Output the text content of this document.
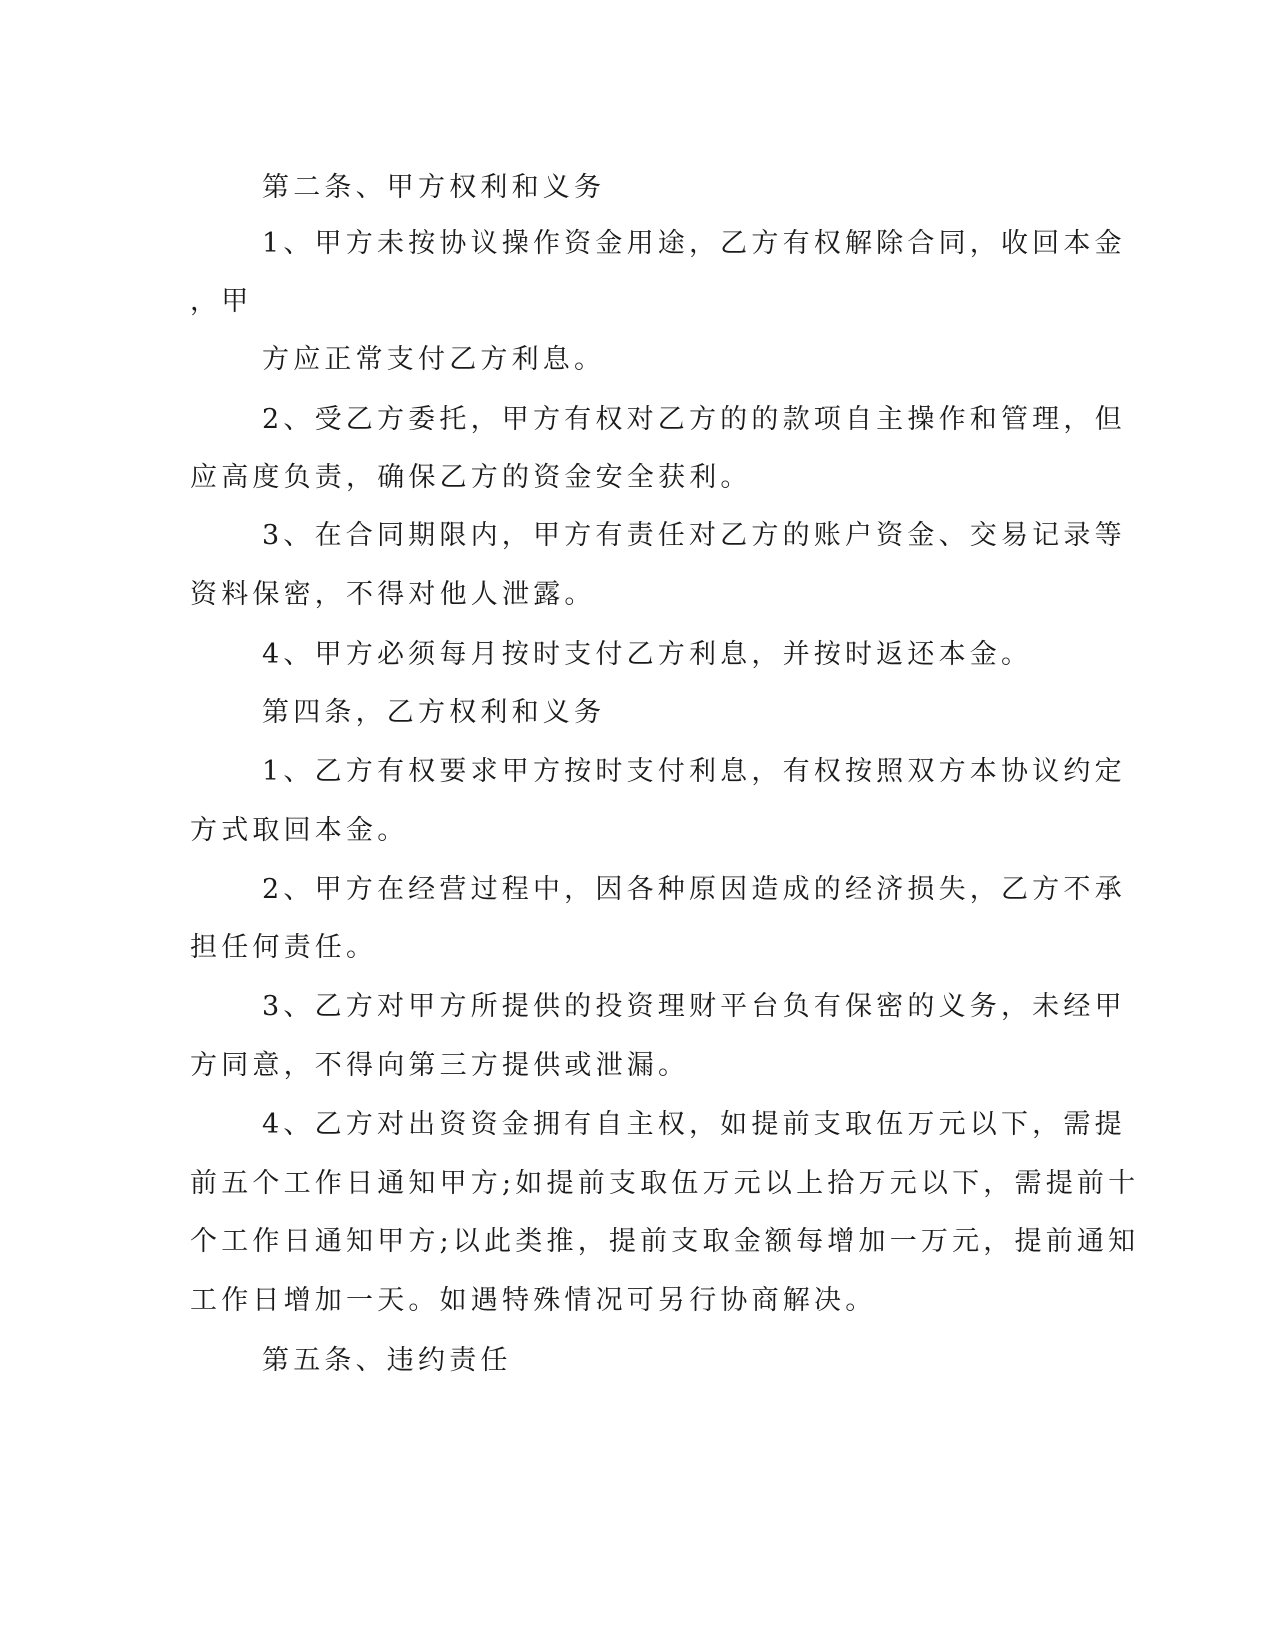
第二条、甲方权利和义务
1、甲方未按协议操作资金用途，乙方有权解除合同，收回本金
，甲
方应正常支付乙方利息。
2、受乙方委托，甲方有权对乙方的的款项自主操作和管理，但
应高度负责，确保乙方的资金安全获利。
3、在合同期限内，甲方有责任对乙方的账户资金、交易记录等
资料保密，不得对他人泄露。
4、甲方必须每月按时支付乙方利息，并按时返还本金。
第四条，乙方权利和义务
1、乙方有权要求甲方按时支付利息，有权按照双方本协议约定
方式取回本金。
2、甲方在经营过程中，因各种原因造成的经济损失，乙方不承
担任何责任。
3、乙方对甲方所提供的投资理财平台负有保密的义务，未经甲
方同意，不得向第三方提供或泄漏。
4、乙方对出资资金拥有自主权，如提前支取伍万元以下，需提
前五个工作日通知甲方;如提前支取伍万元以上拾万元以下，需提前十
个工作日通知甲方;以此类推，提前支取金额每增加一万元，提前通知
工作日增加一天。如遇特殊情况可另行协商解决。
第五条、违约责任
